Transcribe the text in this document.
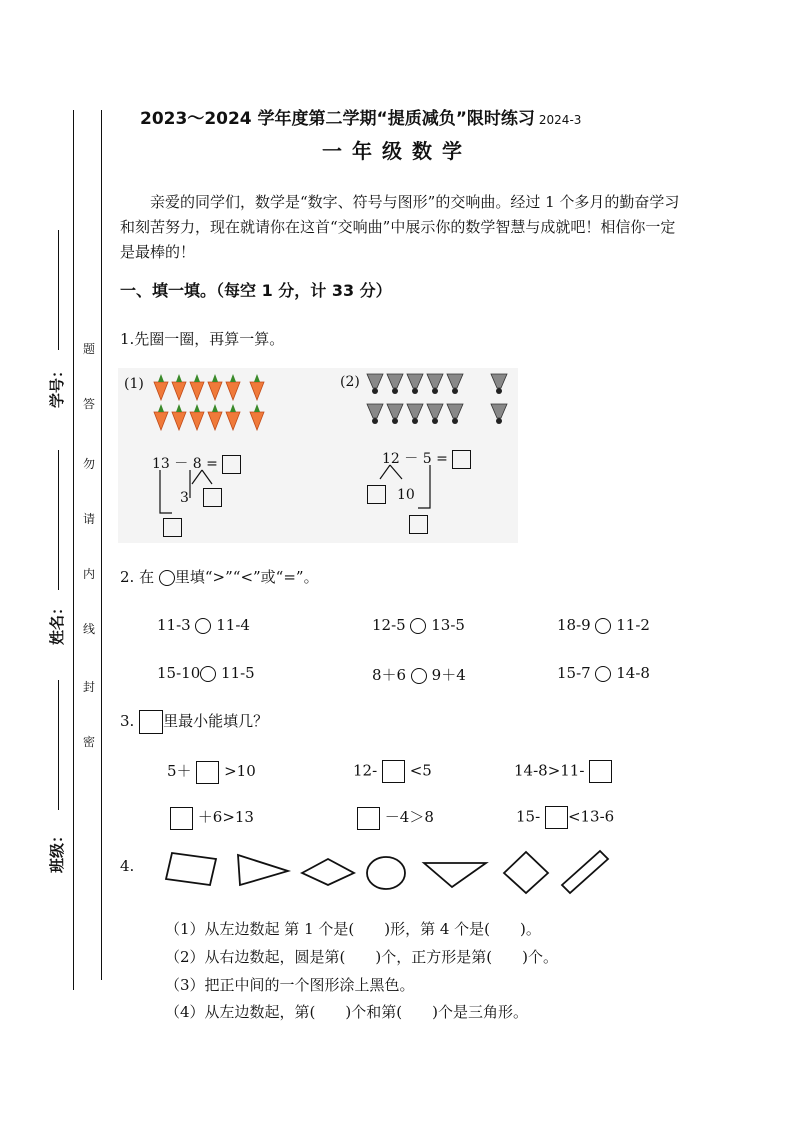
学号：
姓名：
班级：
题
答
勿
请
内
线
封
密
2023～2024 学年度第二学期“提质减负”限时练习 2024-3
一年级数学
亲爱的同学们，数学是“数字、符号与图形”的交响曲。经过 1 个多月的勤奋学习和刻苦努力，现在就请你在这首“交响曲”中展示你的数学智慧与成就吧！相信你一定是最棒的！
一、填一填。（每空 1 分，计 33 分）
1.先圈一圈，再算一算。
(1)
13 － 8 =
3
(2)
12 － 5 =
10
2. 在 里填“>”“<”或“=”。
11-3 11-4	12-5 13-5	18-9 11-2
15-10 11-5	8＋6 9＋4	15-7 14-8
3. 里最小能填几？
5＋ >10	12- <5	14-8>11-
＋6>13	－4＞8	15- <13-6
4.
（1）从左边数起 第 1 个是(　　)形，第 4 个是(　　)。
（2）从右边数起，圆是第(　　)个，正方形是第(　　)个。
（3）把正中间的一个图形涂上黑色。
（4）从左边数起，第(　　)个和第(　　)个是三角形。
